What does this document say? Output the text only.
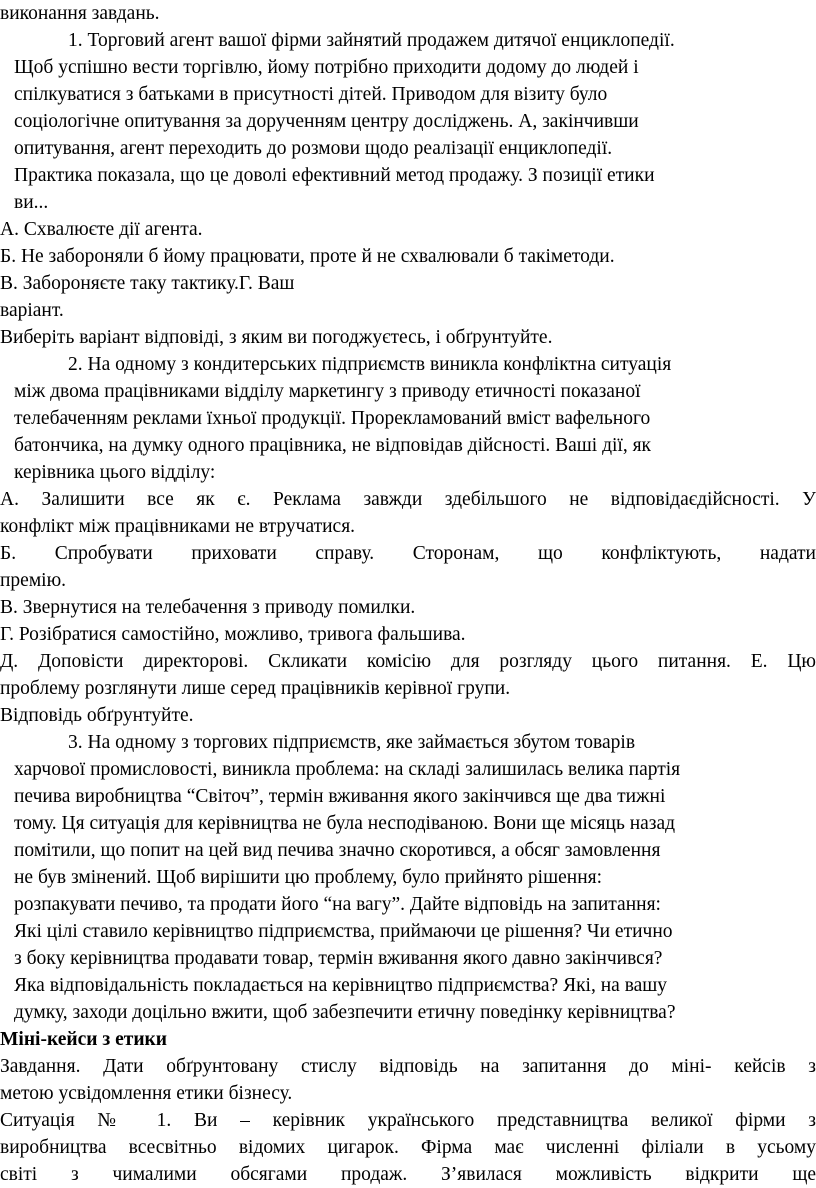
виконання завдань.
1. Торговий агент вашої фірми зайнятий продажем дитячої енциклопедії.
Щоб успішно вести торгівлю, йому потрібно приходити додому до людей і
спілкуватися з батьками в присутності дітей. Приводом для візиту було
соціологічне опитування за дорученням центру досліджень. А, закінчивши
опитування, агент переходить до розмови щодо реалізації енциклопедії.
Практика показала, що це доволі ефективний метод продажу. З позиції етики
ви...
А. Схвалюєте дії агента.
Б. Не забороняли б йому працювати, проте й не схвалювали б такіметоди.
В. Забороняєте таку тактику.Г. Ваш
варіант.
Виберіть варіант відповіді, з яким ви погоджуєтесь, і обґрунтуйте.
2. На одному з кондитерських підприємств виникла конфліктна ситуація
між двома працівниками відділу маркетингу з приводу етичності показаної
телебаченням реклами їхньої продукції. Прорекламований вміст вафельного
батончика, на думку одного працівника, не відповідав дійсності. Ваші дії, як
керівника цього відділу:
А. Залишити все як є. Реклама завжди здебільшого не відповідаєдійсності. У
конфлікт між працівниками не втручатися.
Б. Спробувати приховати справу. Сторонам, що конфліктують, надати
премію.
В. Звернутися на телебачення з приводу помилки.
Г. Розібратися самостійно, можливо, тривога фальшива.
Д. Доповісти директорові. Скликати комісію для розгляду цього питання. Е. Цю
проблему розглянути лише серед працівників керівної групи.
Відповідь обґрунтуйте.
3. На одному з торгових підприємств, яке займається збутом товарів
харчової промисловості, виникла проблема: на складі залишилась велика партія
печива виробництва “Світоч”, термін вживання якого закінчився ще два тижні
тому. Ця ситуація для керівництва не була несподіваною. Вони ще місяць назад
помітили, що попит на цей вид печива значно скоротився, а обсяг замовлення
не був змінений. Щоб вирішити цю проблему, було прийнято рішення:
розпакувати печиво, та продати його “на вагу”. Дайте відповідь на запитання:
Які цілі ставило керівництво підприємства, приймаючи це рішення? Чи етично
з боку керівництва продавати товар, термін вживання якого давно закінчився?
Яка відповідальність покладається на керівництво підприємства? Які, на вашу
думку, заходи доцільно вжити, щоб забезпечити етичну поведінку керівництва?
Міні-кейси з етики
Завдання. Дати обґрунтовану стислу відповідь на запитання до міні- кейсів з
метою усвідомлення етики бізнесу.
Ситуація № 1. Ви – керівник українського представництва великої фірми з
виробництва всесвітньо відомих цигарок. Фірма має численні філіали в усьому
світі з чималими обсягами продаж. З’явилася можливість відкрити ще
